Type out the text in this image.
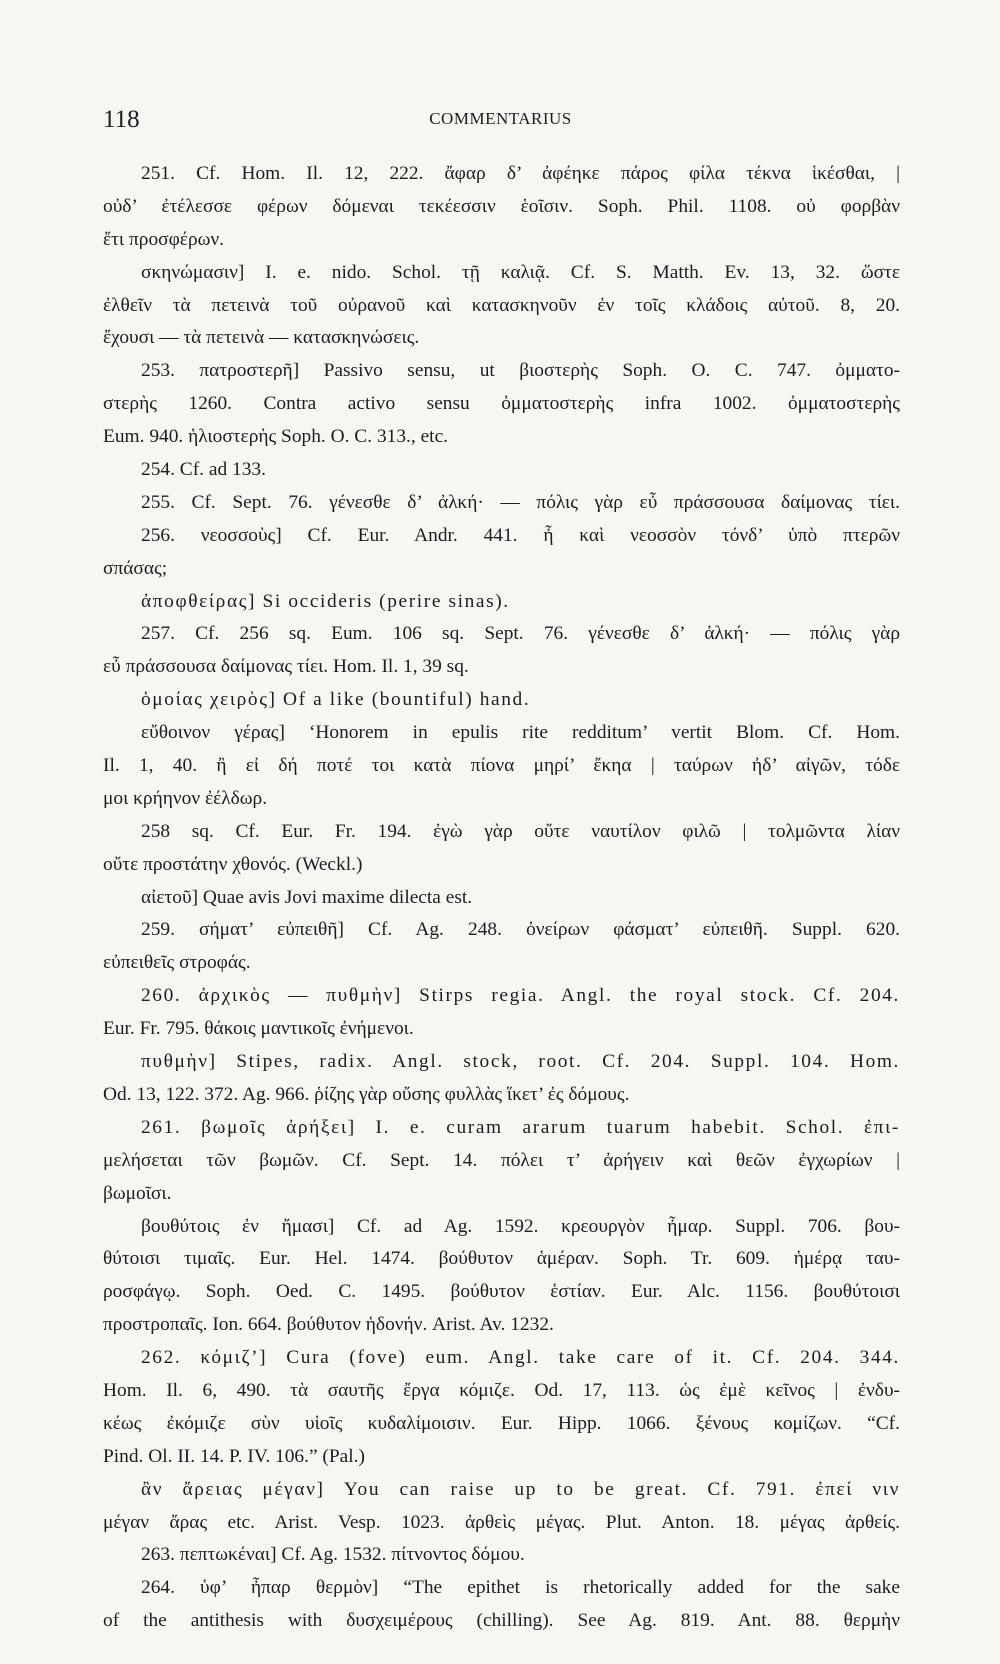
118	COMMENTARIUS
251. Cf. Hom. Il. 12, 222. ἄφαρ δ’ ἀφέηκε πάρος φίλα τέκνα ἱκέσθαι, |
οὐδ’ ἐτέλεσσε φέρων δόμεναι τεκέεσσιν ἑοῖσιν. Soph. Phil. 1108. οὐ φορβὰν
ἔτι προσφέρων.
σκηνώμασιν] I. e. nido. Schol. τῇ καλιᾷ. Cf. S. Matth. Ev. 13, 32. ὥστε
ἐλθεῖν τὰ πετεινὰ τοῦ οὐρανοῦ καὶ κατασκηνοῦν ἐν τοῖς κλάδοις αὐτοῦ. 8, 20.
ἔχουσι — τὰ πετεινὰ — κατασκηνώσεις.
253. πατροστερῆ] Passivo sensu, ut βιοστερὴς Soph. O. C. 747. ὀμματο-
στερὴς 1260. Contra activo sensu ὀμματοστερὴς infra 1002. ὀμματοστερὴς
Eum. 940. ἡλιοστερὴς Soph. O. C. 313., etc.
254. Cf. ad 133.
255. Cf. Sept. 76. γένεσθε δ’ ἀλκή· — πόλις γὰρ εὖ πράσσουσα δαίμονας τίει.
256. νεοσσοὺς] Cf. Eur. Andr. 441. ἦ καὶ νεοσσὸν τόνδ’ ὑπὸ πτερῶν
σπάσας;
ἀποφθείρας] Si occideris (perire sinas).
257. Cf. 256 sq. Eum. 106 sq. Sept. 76. γένεσθε δ’ ἀλκή· — πόλις γὰρ
εὖ πράσσουσα δαίμονας τίει. Hom. Il. 1, 39 sq.
ὁμοίας χειρὸς] Of a like (bountiful) hand.
εὔθοινον γέρας] ‘Honorem in epulis rite redditum’ vertit Blom. Cf. Hom.
Il. 1, 40. ἢ εἰ δή ποτέ τοι κατὰ πίονα μηρί’ ἔκηα | ταύρων ἠδ’ αἰγῶν, τόδε
μοι κρήηνον ἐέλδωρ.
258 sq. Cf. Eur. Fr. 194. ἐγὼ γὰρ οὔτε ναυτίλον φιλῶ | τολμῶντα λίαν
οὔτε προστάτην χθονός. (Weckl.)
αἰετοῦ] Quae avis Jovi maxime dilecta est.
259. σήματ’ εὐπειθῆ] Cf. Ag. 248. ὀνείρων φάσματ’ εὐπειθῆ. Suppl. 620.
εὐπειθεῖς στροφάς.
260. ἀρχικὸς — πυθμὴν] Stirps regia. Angl. the royal stock. Cf. 204.
Eur. Fr. 795. θάκοις μαντικοῖς ἐνήμενοι.
πυθμὴν] Stipes, radix. Angl. stock, root. Cf. 204. Suppl. 104. Hom.
Od. 13, 122. 372. Ag. 966. ῥίζης γὰρ οὔσης φυλλὰς ἵκετ’ ἐς δόμους.
261. βωμοῖς ἀρήξει] I. e. curam ararum tuarum habebit. Schol. ἐπι-
μελήσεται τῶν βωμῶν. Cf. Sept. 14. πόλει τ’ ἀρήγειν καὶ θεῶν ἐγχωρίων |
βωμοῖσι.
βουθύτοις ἐν ἤμασι] Cf. ad Ag. 1592. κρεουργὸν ἦμαρ. Suppl. 706. βου-
θύτοισι τιμαῖς. Eur. Hel. 1474. βούθυτον ἁμέραν. Soph. Tr. 609. ἡμέρᾳ ταυ-
ροσφάγῳ. Soph. Oed. C. 1495. βούθυτον ἑστίαν. Eur. Alc. 1156. βουθύτοισι
προστροπαῖς. Ion. 664. βούθυτον ἡδονήν. Arist. Av. 1232.
262. κόμιζ’] Cura (fove) eum. Angl. take care of it. Cf. 204. 344.
Hom. Il. 6, 490. τὰ σαυτῆς ἔργα κόμιζε. Od. 17, 113. ὡς ἐμὲ κεῖνος | ἐνδυ-
κέως ἐκόμιζε σὺν υἱοῖς κυδαλίμοισιν. Eur. Hipp. 1066. ξένους κομίζων. “Cf.
Pind. Ol. II. 14. P. IV. 106.” (Pal.)
ἂν ἄρειας μέγαν] You can raise up to be great. Cf. 791. ἐπεί νιν
μέγαν ἄρας etc. Arist. Vesp. 1023. ἀρθεὶς μέγας. Plut. Anton. 18. μέγας ἀρθείς.
263. πεπτωκέναι] Cf. Ag. 1532. πίτνοντος δόμου.
264. ὑφ’ ἦπαρ θερμὸν] “The epithet is rhetorically added for the sake
of the antithesis with δυσχειμέρους (chilling). See Ag. 819. Ant. 88. θερμὴν
